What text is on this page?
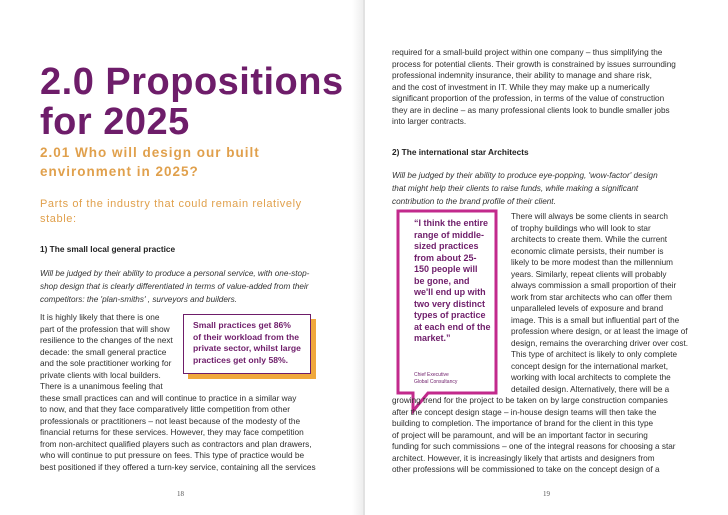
2.0 Propositions
for 2025
2.01 Who will design our built
environment in 2025?

Parts of the industry that could remain relatively
stable:

1) The small local general practice

Will be judged by their ability to produce a personal service, with one-stop-
shop design that is clearly differentiated in terms of value-added from their
competitors: the 'plan-smiths' , surveyors and builders.
It is highly likely that there is one
part of the profession that will show
resilience to the changes of the next
decade: the small general practice
and the sole practitioner working for
private clients with local builders.
There is a unanimous feeling that
these small practices can and will continue to practice in a similar way
to now, and that they face comparatively little competition from other
professionals or practitioners – not least because of the modesty of the
financial returns for these services. However, they may face competition
from non-architect qualified players such as contractors and plan drawers,
who will continue to put pressure on fees. This type of practice would be
best positioned if they offered a turn-key service, containing all the services

Small practices get 86%
of their workload from the
private sector, whilst large
practices get only 58%.

18
required for a small-build project within one company – thus simplifying the
process for potential clients. Their growth is constrained by issues surrounding
professional indemnity insurance, their ability to manage and share risk,
and the cost of investment in IT. While they may make up a numerically
significant proportion of the profession, in terms of the value of construction
they are in decline – as many professional clients look to bundle smaller jobs
into larger contracts.

2) The international star Architects

Will be judged by their ability to produce eye-popping, 'wow-factor' design
that might help their clients to raise funds, while making a significant
contribution to the brand profile of their client.
“I think the entire
range of middle-
sized practices
from about 25-
150 people will
be gone, and
we'll end up with
two very distinct
types of practice
at each end of the
market.”
Chief Executive
Global Consultancy
There will always be some clients in search
of trophy buildings who will look to star
architects to create them. While the current
economic climate persists, their number is
likely to be more modest than the millennium
years. Similarly, repeat clients will probably
always commission a small proportion of their
work from star architects who can offer them
unparalleled levels of exposure and brand
image. This is a small but influential part of the
profession where design, or at least the image of
design, remains the overarching driver over cost.
This type of architect is likely to only complete
concept design for the international market,
working with local architects to complete the
detailed design. Alternatively, there will be a
growing trend for the project to be taken on by large construction companies
after the concept design stage – in-house design teams will then take the
building to completion. The importance of brand for the client in this type
of project will be paramount, and will be an important factor in securing
funding for such commissions – one of the integral reasons for choosing a star
architect. However, it is increasingly likely that artists and designers from
other professions will be commissioned to take on the concept design of a
19
